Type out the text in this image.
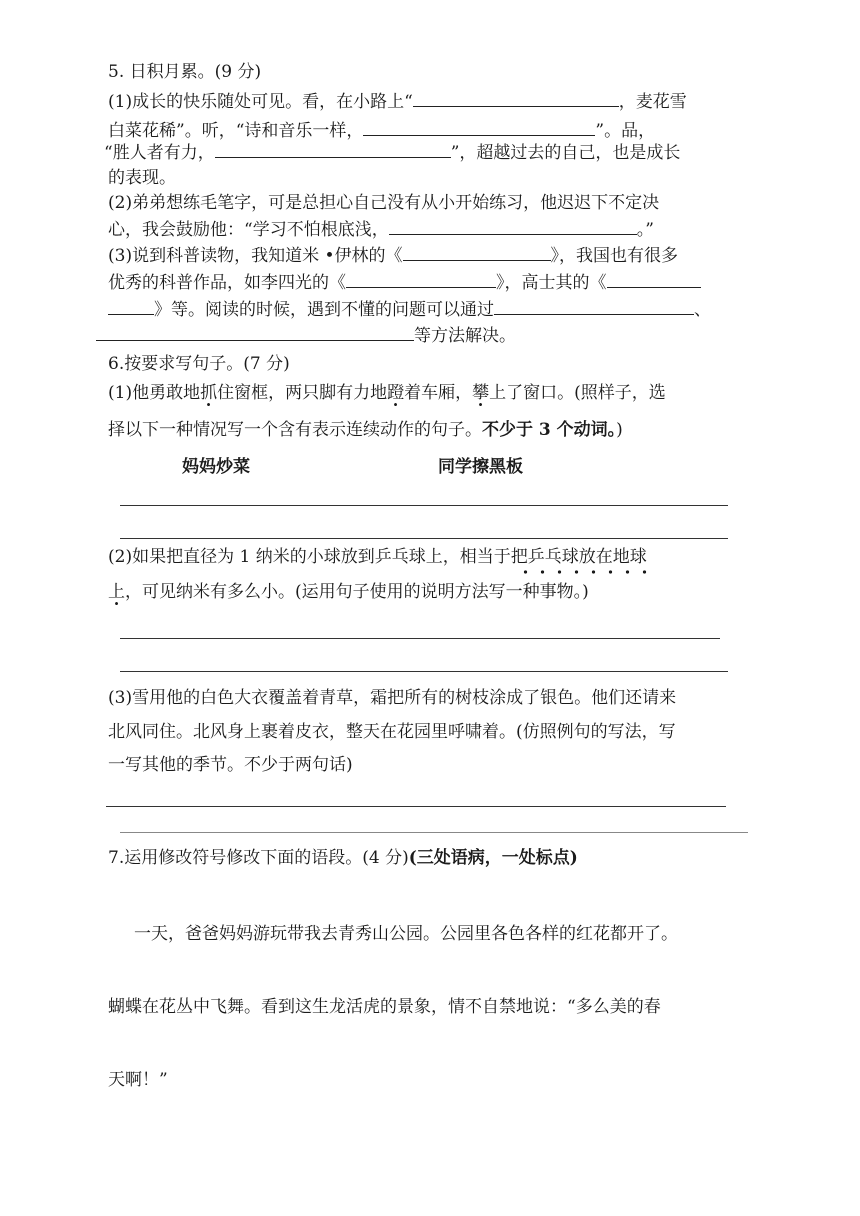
5. 日积月累。(9 分)
(1)成长的快乐随处可见。看，在小路上“	，麦花雪
白菜花稀”。听，“诗和音乐一样，	”。品，
“胜人者有力，	”，超越过去的自己，也是成长
的表现。
(2)弟弟想练毛笔字，可是总担心自己没有从小开始练习，他迟迟下不定决
心，我会鼓励他：“学习不怕根底浅，	。”
(3)说到科普读物，我知道米 •伊林的《	》，我国也有很多
优秀的科普作品，如李四光的《	》，高士其的《
》等。阅读的时候，遇到不懂的问题可以通过	、
等方法解决。
6.按要求写句子。(7 分)
(1)他勇敢地抓住窗框，两只脚有力地蹬着车厢，攀上了窗口。(照样子，选
择以下一种情况写一个含有表示连续动作的句子。不少于 3 个动词。)
妈妈炒菜	同学擦黑板
(2)如果把直径为 1 纳米的小球放到乒乓球上，相当于把乒乓球放在地球
上，可见纳米有多么小。(运用句子使用的说明方法写一种事物。)
(3)雪用他的白色大衣覆盖着青草，霜把所有的树枝涂成了银色。他们还请来
北风同住。北风身上裹着皮衣，整天在花园里呼啸着。(仿照例句的写法，写
一写其他的季节。不少于两句话)
7.运用修改符号修改下面的语段。(4 分)(三处语病，一处标点)
一天，爸爸妈妈游玩带我去青秀山公园。公园里各色各样的红花都开了。
蝴蝶在花丛中飞舞。看到这生龙活虎的景象，情不自禁地说：“多么美的春
天啊！”
